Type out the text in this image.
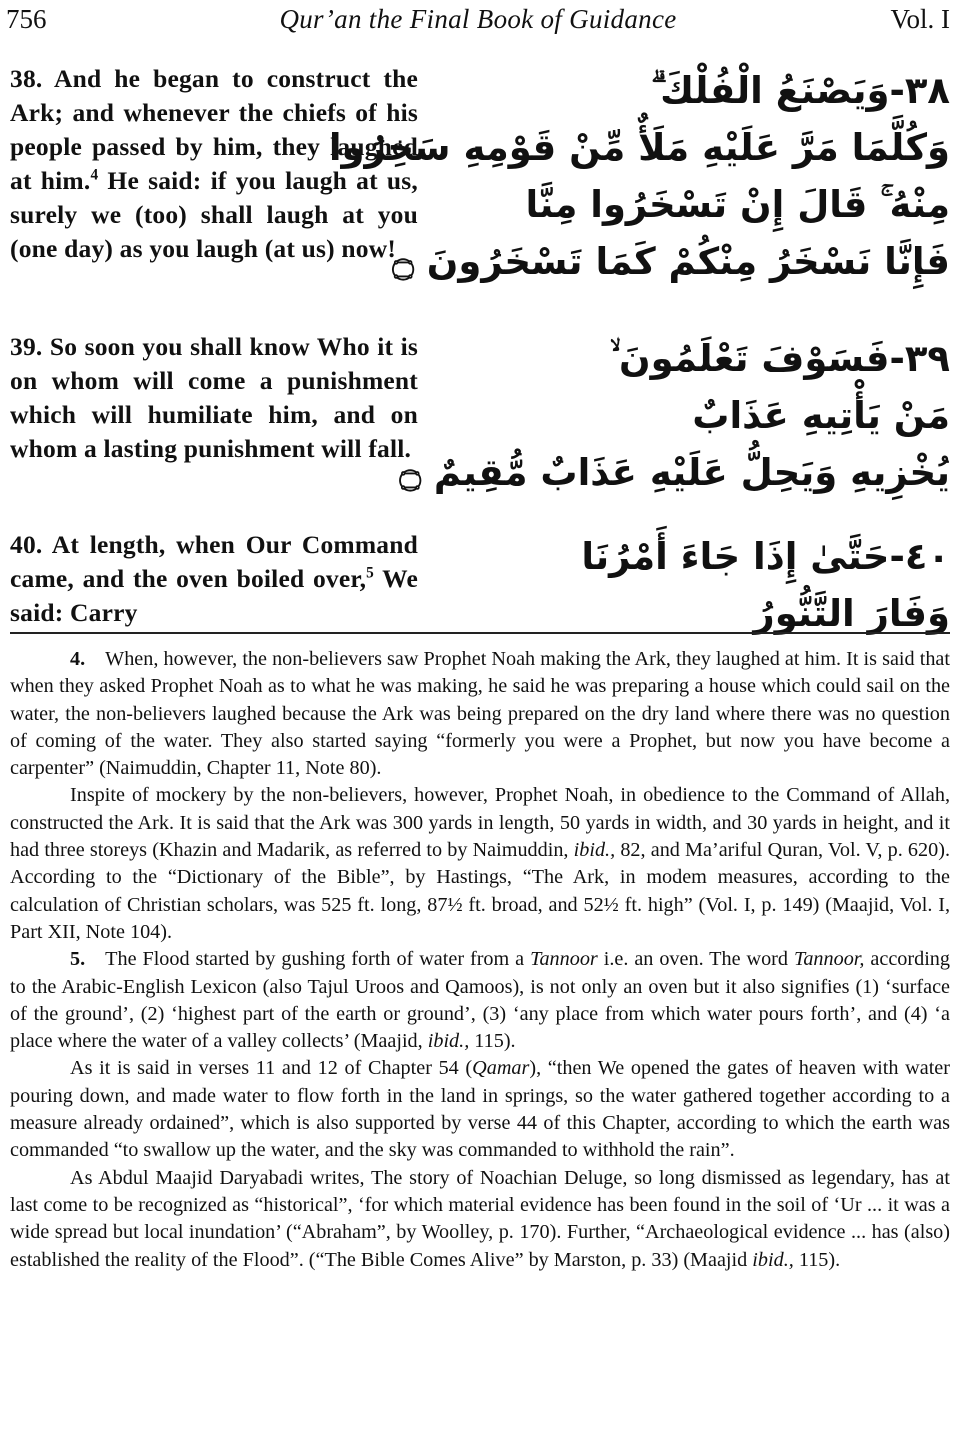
756	Qur’an the Final Book of Guidance	Vol. I
38. And he began to construct the Ark; and whenever the chiefs of his people passed by him, they laughed at him.$^4$ He said: if you laugh at us, surely we (too) shall laugh at you (one day) as you laugh (at us) now!
٣٨-وَيَصْنَعُ الْفُلْكَ ۗ
وَكُلَّمَا مَرَّ عَلَيْهِ مَلَأٌ مِّنْ قَوْمِهِ سَخِرُوا
مِنْهُ ۚ قَالَ إِنْ تَسْخَرُوا مِنَّا
فَإِنَّا نَسْخَرُ مِنْكُمْ كَمَا تَسْخَرُونَ ۝
39. So soon you shall know Who it is on whom will come a punishment which will humiliate him, and on whom a lasting punishment will fall.
٣٩-فَسَوْفَ تَعْلَمُونَ ۙ
مَنْ يَأْتِيهِ عَذَابٌ
يُخْزِيهِ وَيَحِلُّ عَلَيْهِ عَذَابٌ مُّقِيمٌ ۝
40. At length, when Our Command came, and the oven boiled over,$^5$ We said: Carry
٤٠-حَتَّىٰ إِذَا جَاءَ أَمْرُنَا
وَفَارَ التَّنُّورُ

4. When, however, the non-believers saw Prophet Noah making the Ark, they laughed at him. It is said that when they asked Prophet Noah as to what he was making, he said he was preparing a house which could sail on the water, the non-believers laughed because the Ark was being prepared on the dry land where there was no question of coming of the water. They also started saying “formerly you were a Prophet, but now you have become a carpenter” (Naimuddin, Chapter 11, Note 80).

Inspite of mockery by the non-believers, however, Prophet Noah, in obedience to the Command of Allah, constructed the Ark. It is said that the Ark was 300 yards in length, 50 yards in width, and 30 yards in height, and it had three storeys (Khazin and Madarik, as referred to by Naimuddin, ibid., 82, and Ma’ariful Quran, Vol. V, p. 620). According to the “Dictionary of the Bible”, by Hastings, “The Ark, in modem measures, according to the calculation of Christian scholars, was 525 ft. long, 87½ ft. broad, and 52½ ft. high” (Vol. I, p. 149) (Maajid, Vol. I, Part XII, Note 104).

5. The Flood started by gushing forth of water from a Tannoor i.e. an oven. The word Tannoor, according to the Arabic-English Lexicon (also Tajul Uroos and Qamoos), is not only an oven but it also signifies (1) ‘surface of the ground’, (2) ‘highest part of the earth or ground’, (3) ‘any place from which water pours forth’, and (4) ‘a place where the water of a valley collects’ (Maajid, ibid., 115).

As it is said in verses 11 and 12 of Chapter 54 (Qamar), “then We opened the gates of heaven with water pouring down, and made water to flow forth in the land in springs, so the water gathered together according to a measure already ordained”, which is also supported by verse 44 of this Chapter, according to which the earth was commanded “to swallow up the water, and the sky was commanded to withhold the rain”.

As Abdul Maajid Daryabadi writes, The story of Noachian Deluge, so long dismissed as legendary, has at last come to be recognized as “historical”, ‘for which material evidence has been found in the soil of ‘Ur ... it was a wide spread but local inundation’ (“Abraham”, by Woolley, p. 170). Further, “Archaeological evidence ... has (also) established the reality of the Flood”. (“The Bible Comes Alive” by Marston, p. 33) (Maajid ibid., 115).
